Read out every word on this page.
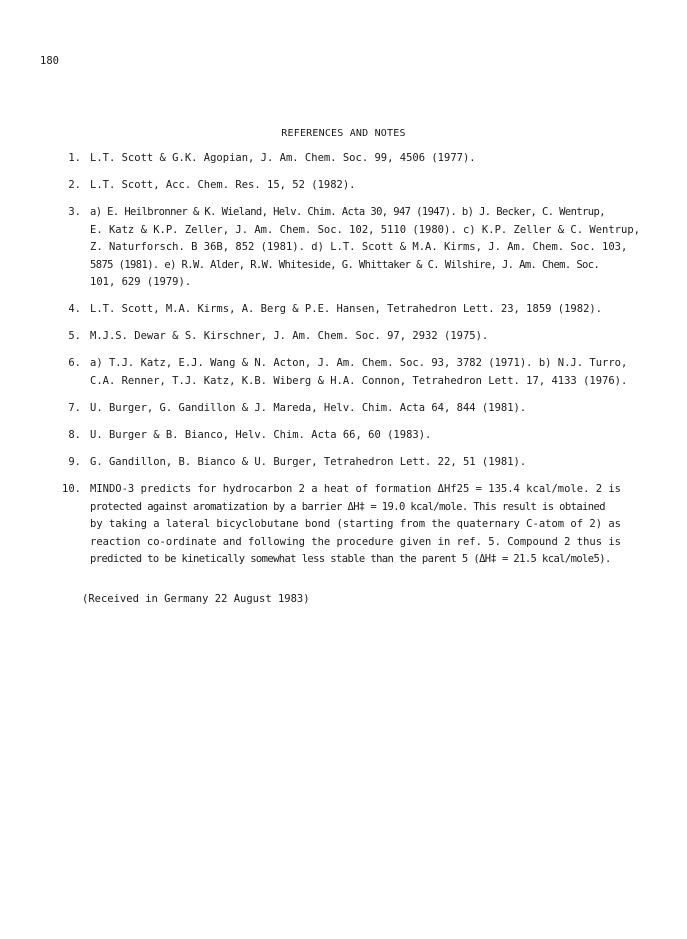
180
REFERENCES AND NOTES
1. L.T. Scott & G.K. Agopian, J. Am. Chem. Soc. 99, 4506 (1977).
2. L.T. Scott, Acc. Chem. Res. 15, 52 (1982).
3. a) E. Heilbronner & K. Wieland, Helv. Chim. Acta 30, 947 (1947). b) J. Becker, C. Wentrup,
E. Katz & K.P. Zeller, J. Am. Chem. Soc. 102, 5110 (1980). c) K.P. Zeller & C. Wentrup,
Z. Naturforsch. B 36B, 852 (1981). d) L.T. Scott & M.A. Kirms, J. Am. Chem. Soc. 103,
5875 (1981). e) R.W. Alder, R.W. Whiteside, G. Whittaker & C. Wilshire, J. Am. Chem. Soc.
101, 629 (1979).
4. L.T. Scott, M.A. Kirms, A. Berg & P.E. Hansen, Tetrahedron Lett. 23, 1859 (1982).
5. M.J.S. Dewar & S. Kirschner, J. Am. Chem. Soc. 97, 2932 (1975).
6. a) T.J. Katz, E.J. Wang & N. Acton, J. Am. Chem. Soc. 93, 3782 (1971). b) N.J. Turro,
C.A. Renner, T.J. Katz, K.B. Wiberg & H.A. Connon, Tetrahedron Lett. 17, 4133 (1976).
7. U. Burger, G. Gandillon & J. Mareda, Helv. Chim. Acta 64, 844 (1981).
8. U. Burger & B. Bianco, Helv. Chim. Acta 66, 60 (1983).
9. G. Gandillon, B. Bianco & U. Burger, Tetrahedron Lett. 22, 51 (1981).
10. MINDO-3 predicts for hydrocarbon 2 a heat of formation ΔHf25 = 135.4 kcal/mole. 2 is
protected against aromatization by a barrier ΔH‡ = 19.0 kcal/mole. This result is obtained
by taking a lateral bicyclobutane bond (starting from the quaternary C-atom of 2) as
reaction co-ordinate and following the procedure given in ref. 5. Compound 2 thus is
predicted to be kinetically somewhat less stable than the parent 5 (ΔH‡ = 21.5 kcal/mole5).
(Received in Germany 22 August 1983)
